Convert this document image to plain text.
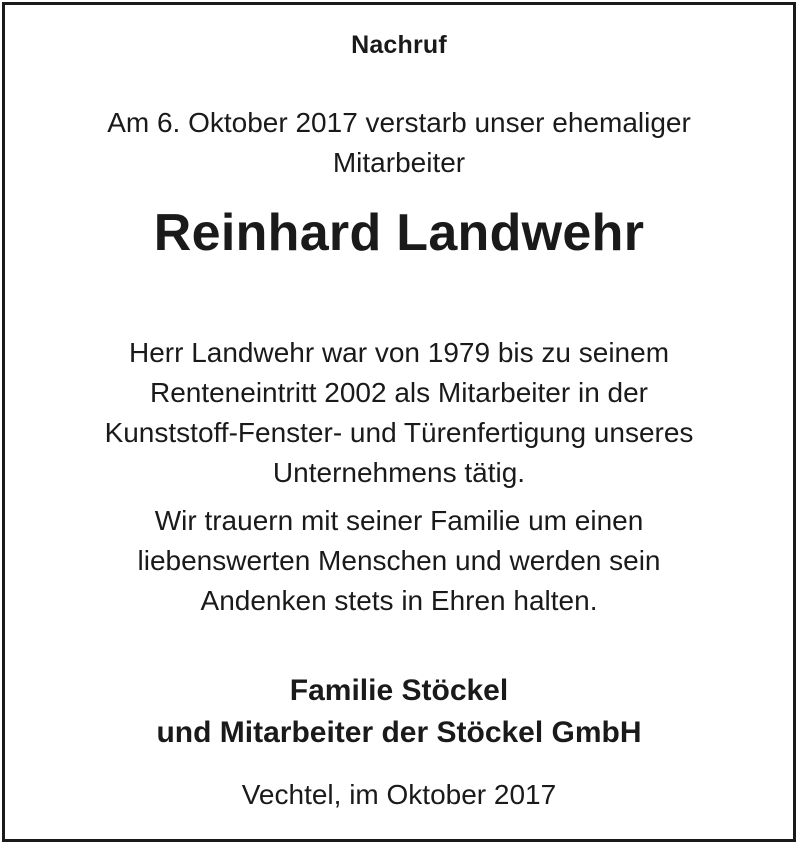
Nachruf
Am 6. Oktober 2017 verstarb unser ehemaliger
Mitarbeiter
Reinhard Landwehr
Herr Landwehr war von 1979 bis zu seinem
Renteneintritt 2002 als Mitarbeiter in der
Kunststoff-Fenster- und Türenfertigung unseres
Unternehmens tätig.
Wir trauern mit seiner Familie um einen
liebenswerten Menschen und werden sein
Andenken stets in Ehren halten.
Familie Stöckel
und Mitarbeiter der Stöckel GmbH
Vechtel, im Oktober 2017
